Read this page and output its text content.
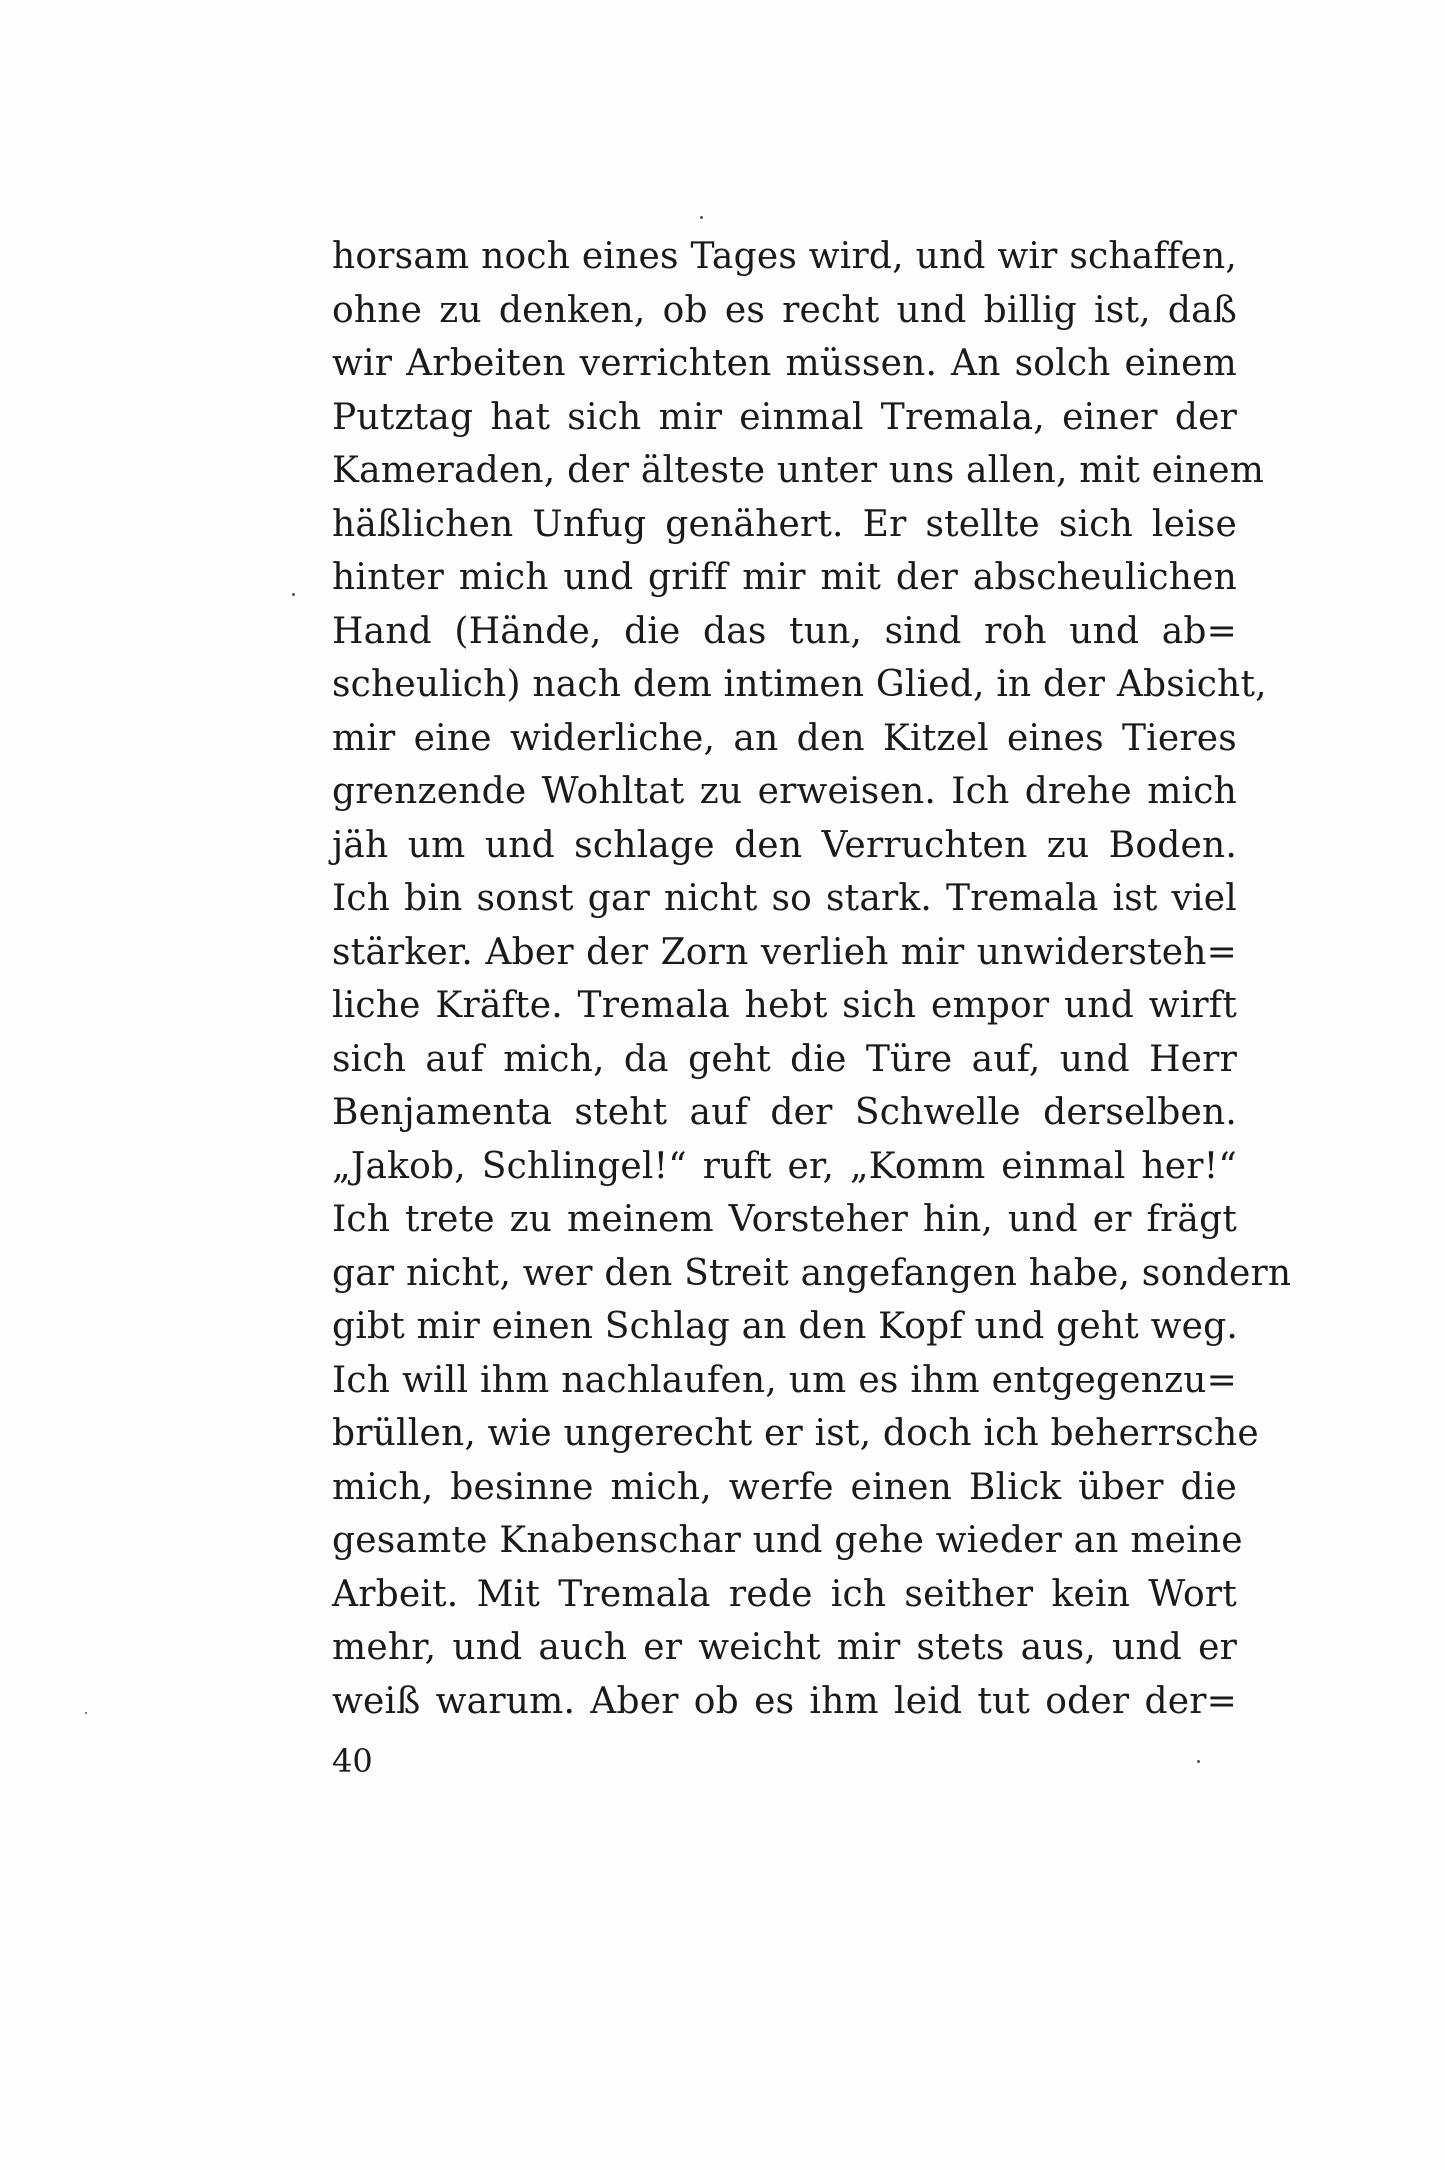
horsam noch eines Tages wird, und wir schaffen,
ohne zu denken, ob es recht und billig ist, daß
wir Arbeiten verrichten müssen. An solch einem
Putztag hat sich mir einmal Tremala, einer der
Kameraden, der älteste unter uns allen, mit einem
häßlichen Unfug genähert. Er stellte sich leise
hinter mich und griff mir mit der abscheulichen
Hand (Hände, die das tun, sind roh und ab=
scheulich) nach dem intimen Glied, in der Absicht,
mir eine widerliche, an den Kitzel eines Tieres
grenzende Wohltat zu erweisen. Ich drehe mich
jäh um und schlage den Verruchten zu Boden.
Ich bin sonst gar nicht so stark. Tremala ist viel
stärker. Aber der Zorn verlieh mir unwidersteh=
liche Kräfte. Tremala hebt sich empor und wirft
sich auf mich, da geht die Türe auf, und Herr
Benjamenta steht auf der Schwelle derselben.
„Jakob, Schlingel!“ ruft er, „Komm einmal her!“
Ich trete zu meinem Vorsteher hin, und er frägt
gar nicht, wer den Streit angefangen habe, sondern
gibt mir einen Schlag an den Kopf und geht weg.
Ich will ihm nachlaufen, um es ihm entgegenzu=
brüllen, wie ungerecht er ist, doch ich beherrsche
mich, besinne mich, werfe einen Blick über die
gesamte Knabenschar und gehe wieder an meine
Arbeit. Mit Tremala rede ich seither kein Wort
mehr, und auch er weicht mir stets aus, und er
weiß warum. Aber ob es ihm leid tut oder der=
40
